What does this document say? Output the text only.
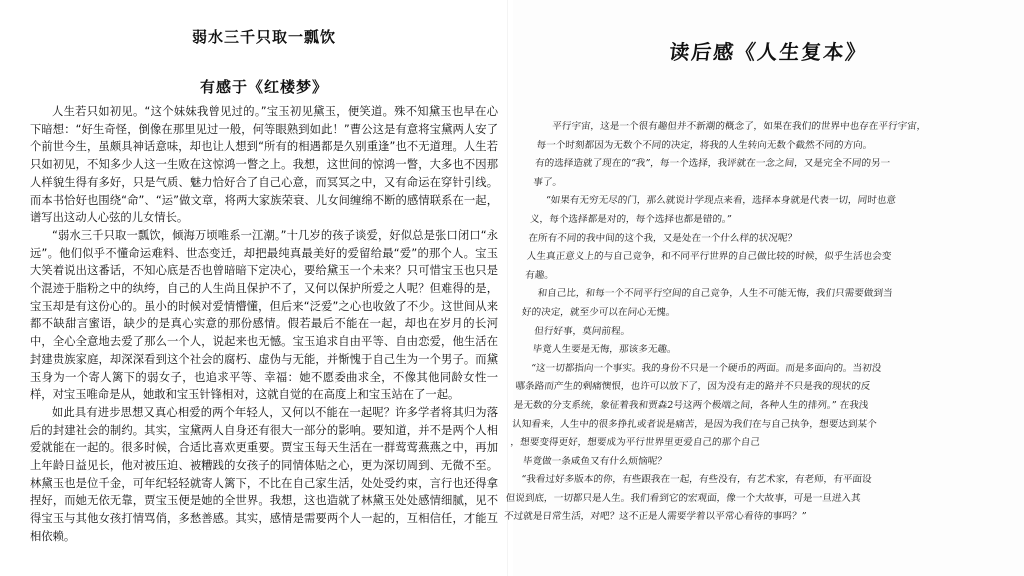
弱水三千只取一瓢饮
有感于《红楼梦》

人生若只如初见。“这个妹妹我曾见过的。”宝玉初见黛玉，便笑道。殊不知黛玉也早在心下暗想：“好生奇怪，倒像在那里见过一般，何等眼熟到如此！”曹公这是有意将宝黛两人安了个前世今生，虽颇具神话意味，却也让人想到“所有的相遇都是久别重逢”也不无道理。人生若只如初见，不知多少人这一生败在这惊鸿一瞥之上。我想，这世间的惊鸿一瞥，大多也不因那人样貌生得有多好，只是气质、魅力恰好合了自己心意，而冥冥之中，又有命运在穿针引线。而本书恰好也围绕“命”、“运”做文章，将两大家族荣衰、儿女间缠绵不断的感情联系在一起，谱写出这动人心弦的儿女情长。

“弱水三千只取一瓢饮，倾海万顷唯系一江潮。”十几岁的孩子谈爱，好似总是张口闭口“永远”。他们似乎不懂命运难料、世态变迁，却把最纯真最美好的爱留给最“爱”的那个人。宝玉大笑着说出这番话，不知心底是否也曾暗暗下定决心，要给黛玉一个未来？只可惜宝玉也只是个混迹于脂粉之中的纨绔，自己的人生尚且保护不了，又何以保护所爱之人呢？但难得的是，宝玉却是有这份心的。虽小的时候对爱情懵懂，但后来“泛爱”之心也收敛了不少。这世间从来都不缺甜言蜜语，缺少的是真心实意的那份感情。假若最后不能在一起，却也在岁月的长河中，全心全意地去爱了那么一个人，说起来也无憾。宝玉追求自由平等、自由恋爱，他生活在封建贵族家庭，却深深看到这个社会的腐朽、虚伪与无能，并惭愧于自己生为一个男子。而黛玉身为一个寄人篱下的弱女子，也追求平等、幸福：她不愿委曲求全，不像其他同龄女性一样，对宝玉唯命是从，她敢和宝玉针锋相对，这就自觉的在高度上和宝玉站在了一起。

如此具有进步思想又真心相爱的两个年轻人，又何以不能在一起呢？许多学者将其归为落后的封建社会的制约。其实，宝黛两人自身还有很大一部分的影响。要知道，并不是两个人相爱就能在一起的。很多时候，合适比喜欢更重要。贾宝玉每天生活在一群莺莺燕燕之中，再加上年龄日益见长，他对被压迫、被糟践的女孩子的同情体贴之心，更为深切周到、无微不至。林黛玉也是位千金，可年纪轻轻就寄人篱下，不比在自己家生活，处处受约束，言行也还得拿捏好，而她无依无靠，贾宝玉便是她的全世界。我想，这也造就了林黛玉处处感情细腻，见不得宝玉与其他女孩打情骂俏，多愁善感。其实，感情是需要两个人一起的，互相信任，才能互相依赖。

读后感《人生复本》

平行宇宙，这是一个很有趣但并不新潮的概念了，如果在我们的世界中也存在平行宇宙，

每一个时刻都因为无数个不同的决定，将我的人生转向无数个截然不同的方向。

有的选择造就了现在的“我”，每一个选择，我评就在一念之间，又是完全不同的另一

事了。

“如果有无穷无尽的门，那么就说计学现点来看，选择本身就是代表一切，同时也意

义，每个选择都是对的，每个选择也都是错的。”

在所有不同的我中间的这个我，又是处在一个什么样的状况呢？

人生真正意义上的与自己竞争，和不同平行世界的自己做比较的时候，似乎生活也会变

有趣。

和自己比，和每一个不同平行空间的自己竞争，人生不可能无悔，我们只需要做到当

好的决定，就至少可以在问心无愧。

但行好事，莫问前程。

毕竟人生要是无悔，那该多无趣。

“这一切都指向一个事实。我的身份不只是一个硬币的两面。而是多面向的。当初没

哪条路而产生的剩痛懊恨，也许可以放下了，因为没有走的路并不只是我的现状的反

是无数的分支系统，象征着我和贾森2号这两个极端之间，各种人生的排列。” 在我浅

认知看来，人生中的很多挣扎或者说是痛苦，是因为我们在与自己执争，想要达到某个

，想要变得更好，想要成为平行世界里更爱自己的那个自己

毕竟做一条咸鱼又有什么烦恼呢？

“我看过好多版本的你，有些跟我在一起，有些没有，有艺术家，有老师，有平面设

但说到底，一切都只是人生。我们看到它的宏观面，像一个大故事，可是一旦进入其

不过就是日常生活，对吧？这不正是人需要学着以平常心看待的事吗？”
